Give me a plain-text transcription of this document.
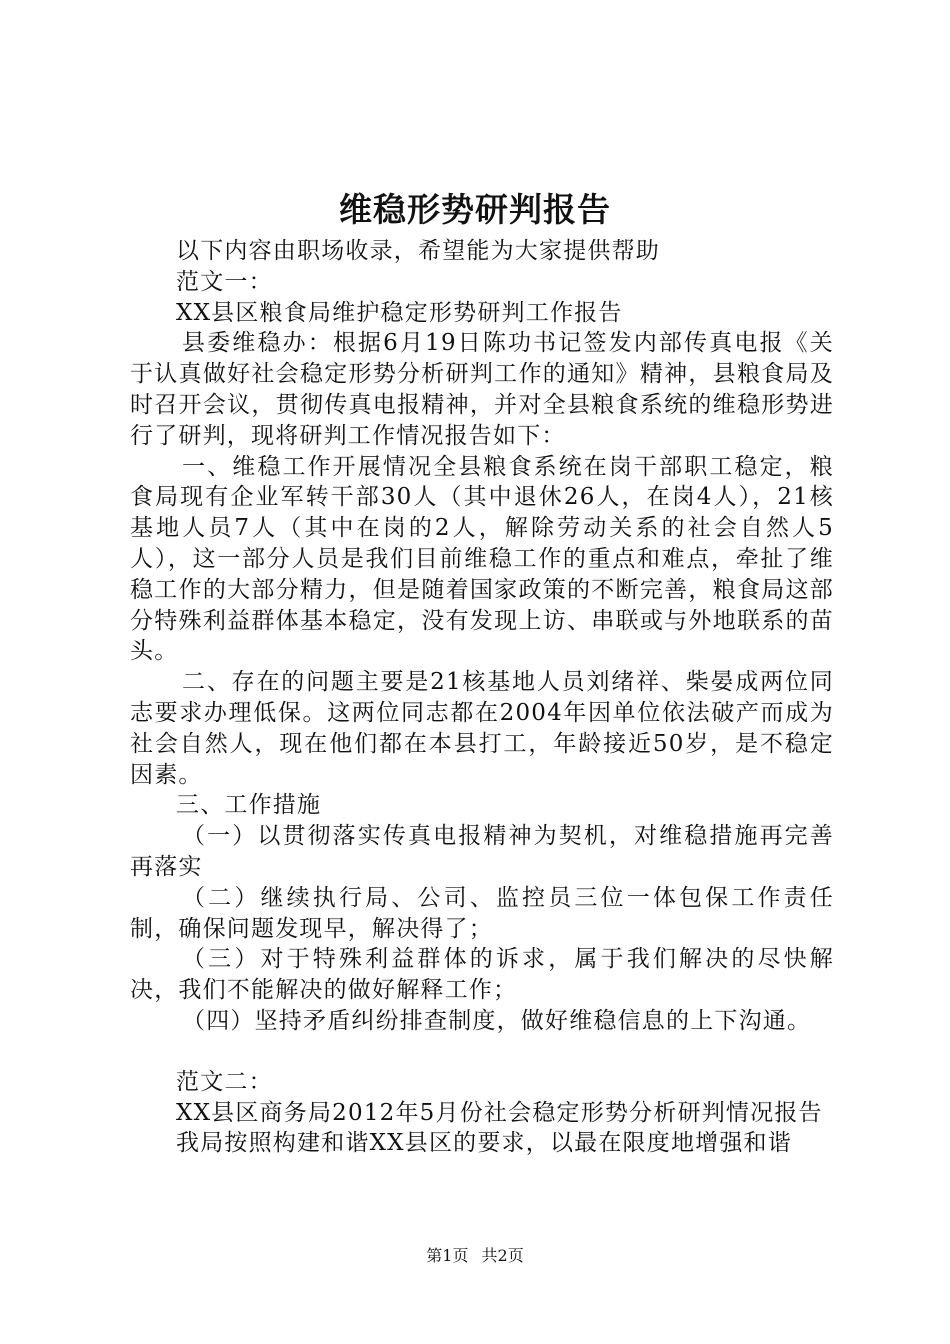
维稳形势研判报告

以下内容由职场收录，希望能为大家提供帮助

范文一：

XX县区粮食局维护稳定形势研判工作报告

县委维稳办：根据6月19日陈功书记签发内部传真电报《关于认真做好社会稳定形势分析研判工作的通知》精神，县粮食局及时召开会议，贯彻传真电报精神，并对全县粮食系统的维稳形势进行了研判，现将研判工作情况报告如下：

一、维稳工作开展情况全县粮食系统在岗干部职工稳定，粮食局现有企业军转干部30人（其中退休26人，在岗4人），21核基地人员7人（其中在岗的2人，解除劳动关系的社会自然人5人），这一部分人员是我们目前维稳工作的重点和难点，牵扯了维稳工作的大部分精力，但是随着国家政策的不断完善，粮食局这部分特殊利益群体基本稳定，没有发现上访、串联或与外地联系的苗头。

二、存在的问题主要是21核基地人员刘绪祥、柴晏成两位同志要求办理低保。这两位同志都在2004年因单位依法破产而成为社会自然人，现在他们都在本县打工，年龄接近50岁，是不稳定因素。

三、工作措施

（一）以贯彻落实传真电报精神为契机，对维稳措施再完善再落实

（二）继续执行局、公司、监控员三位一体包保工作责任制，确保问题发现早，解决得了；

（三）对于特殊利益群体的诉求，属于我们解决的尽快解决，我们不能解决的做好解释工作；

（四）坚持矛盾纠纷排查制度，做好维稳信息的上下沟通。

范文二：

XX县区商务局2012年5月份社会稳定形势分析研判情况报告

我局按照构建和谐XX县区的要求，以最在限度地增强和谐

第1页 共2页
